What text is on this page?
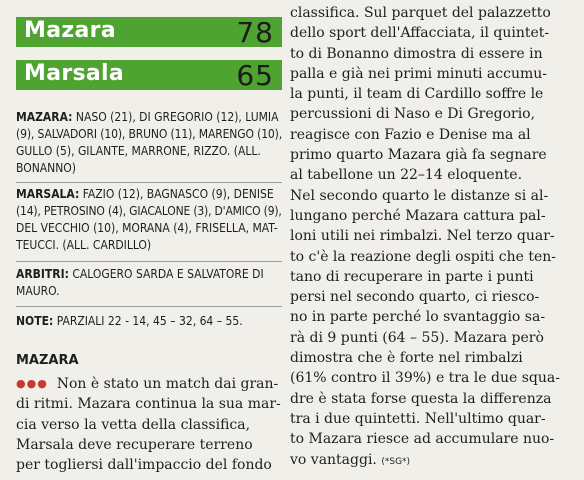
Mazara	78
Marsala	65
MAZARA: NASO (21), DI GREGORIO (12), LUMIA
(9), SALVADORI (10), BRUNO (11), MARENGO (10),
GULLO (5), GILANTE, MARRONE, RIZZO. (ALL.
BONANNO)
MARSALA: FAZIO (12), BAGNASCO (9), DENISE
(14), PETROSINO (4), GIACALONE (3), D'AMICO (9),
DEL VECCHIO (10), MORANA (4), FRISELLA, MAT-
TEUCCI. (ALL. CARDILLO)
ARBITRI: CALOGERO SARDA E SALVATORE DI
MAURO.
NOTE: PARZIALI 22 - 14, 45 – 32, 64 – 55.
MAZARA
●●● Non è stato un match dai gran-
di ritmi. Mazara continua la sua mar-
cia verso la vetta della classifica,
Marsala deve recuperare terreno
per togliersi dall'impaccio del fondo
classifica. Sul parquet del palazzetto
dello sport dell'Affacciata, il quintet-
to di Bonanno dimostra di essere in
palla e già nei primi minuti accumu-
la punti, il team di Cardillo soffre le
percussioni di Naso e Di Gregorio,
reagisce con Fazio e Denise ma al
primo quarto Mazara già fa segnare
al tabellone un 22–14 eloquente.
Nel secondo quarto le distanze si al-
lungano perché Mazara cattura pal-
loni utili nei rimbalzi. Nel terzo quar-
to c'è la reazione degli ospiti che ten-
tano di recuperare in parte i punti
persi nel secondo quarto, ci riesco-
no in parte perché lo svantaggio sa-
rà di 9 punti (64 – 55). Mazara però
dimostra che è forte nel rimbalzi
(61% contro il 39%) e tra le due squa-
dre è stata forse questa la differenza
tra i due quintetti. Nell'ultimo quar-
to Mazara riesce ad accumulare nuo-
vo vantaggi. (*SG*)
